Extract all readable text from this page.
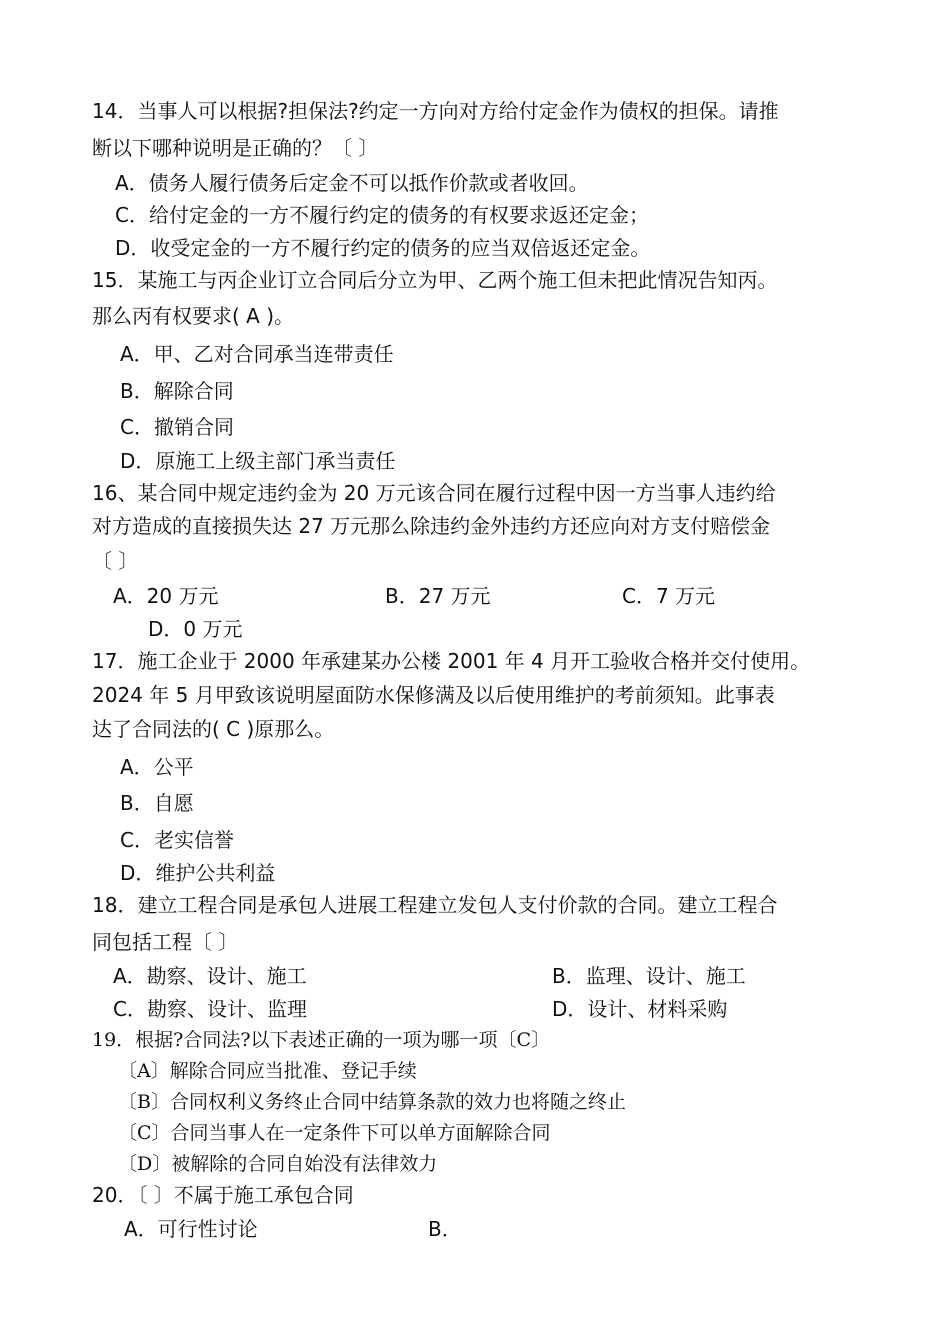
14．当事人可以根据?担保法?约定一方向对方给付定金作为债权的担保。请推
断以下哪种说明是正确的？〔 〕
A．债务人履行债务后定金不可以抵作价款或者收回。
C．给付定金的一方不履行约定的债务的有权要求返还定金；
D．收受定金的一方不履行约定的债务的应当双倍返还定金。
15．某施工与丙企业订立合同后分立为甲、乙两个施工但未把此情况告知丙。
那么丙有权要求( A )。
A．甲、乙对合同承当连带责任
B．解除合同
C．撤销合同
D．原施工上级主部门承当责任
16、某合同中规定违约金为 20 万元该合同在履行过程中因一方当事人违约给
对方造成的直接损失达 27 万元那么除违约金外违约方还应向对方支付赔偿金
〔 〕
A．20 万元	B．27 万元	C．7 万元
D．0 万元
17．施工企业于 2000 年承建某办公楼 2001 年 4 月开工验收合格并交付使用。
2024 年 5 月甲致该说明屋面防水保修满及以后使用维护的考前须知。此事表
达了合同法的( C )原那么。
A．公平
B．自愿
C．老实信誉
D．维护公共利益
18．建立工程合同是承包人进展工程建立发包人支付价款的合同。建立工程合
同包括工程〔 〕
A．勘察、设计、施工	B．监理、设计、施工
C．勘察、设计、监理	D．设计、材料采购
19．根据?合同法?以下表述正确的一项为哪一项〔C〕
〔A〕解除合同应当批准、登记手续
〔B〕合同权利义务终止合同中结算条款的效力也将随之终止
〔C〕合同当事人在一定条件下可以单方面解除合同
〔D〕被解除的合同自始没有法律效力
20．〔 〕不属于施工承包合同
A．可行性讨论	B．
